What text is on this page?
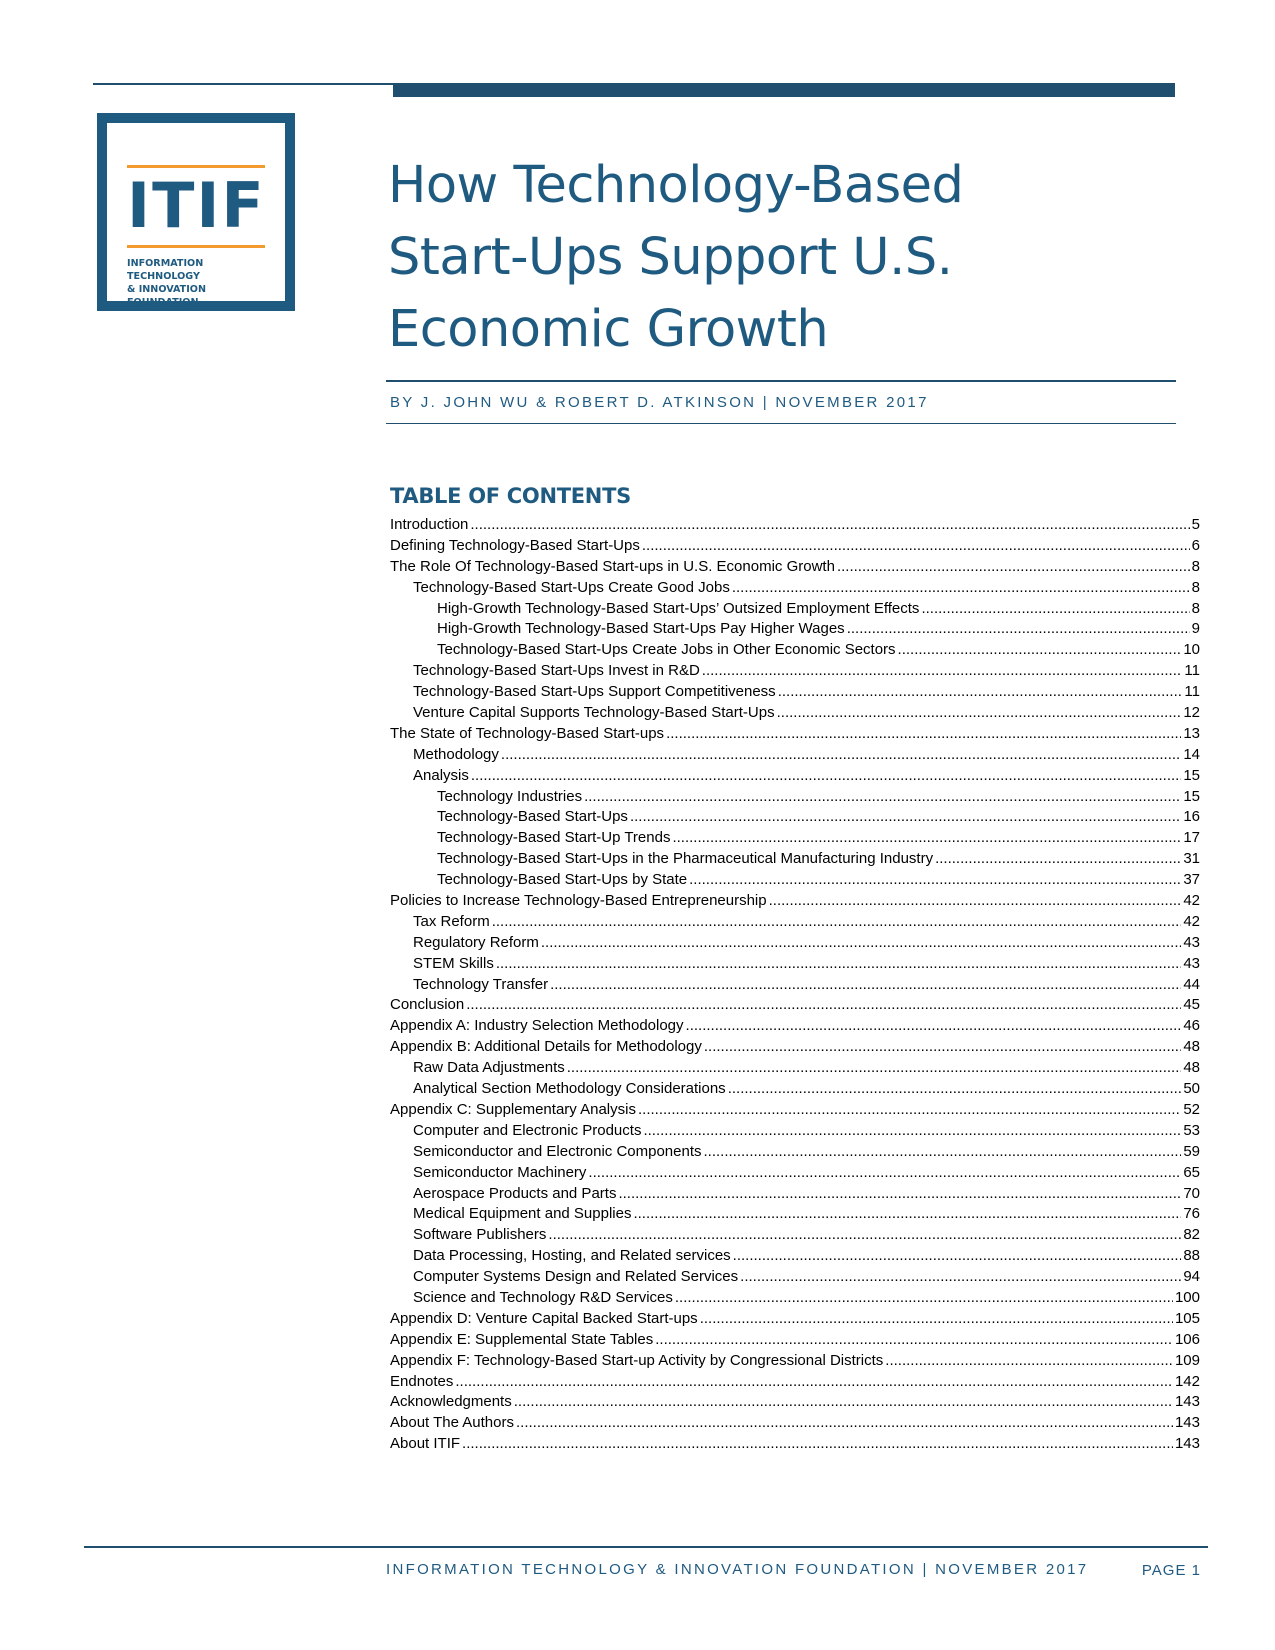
ITIF
INFORMATION TECHNOLOGY
& INNOVATION FOUNDATION
How Technology-Based
Start-Ups Support U.S.
Economic Growth
BY J. JOHN WU & ROBERT D. ATKINSON | NOVEMBER 2017
TABLE OF CONTENTS
Introduction .....	5
Defining Technology-Based Start-Ups .....	6
The Role Of Technology-Based Start-ups in U.S. Economic Growth .....	8
Technology-Based Start-Ups Create Good Jobs .....	8
High-Growth Technology-Based Start-Ups’ Outsized Employment Effects .....	8
High-Growth Technology-Based Start-Ups Pay Higher Wages .....	9
Technology-Based Start-Ups Create Jobs in Other Economic Sectors .....	10
Technology-Based Start-Ups Invest in R&D .....	11
Technology-Based Start-Ups Support Competitiveness .....	11
Venture Capital Supports Technology-Based Start-Ups .....	12
The State of Technology-Based Start-ups .....	13
Methodology .....	14
Analysis .....	15
Technology Industries .....	15
Technology-Based Start-Ups .....	16
Technology-Based Start-Up Trends .....	17
Technology-Based Start-Ups in the Pharmaceutical Manufacturing Industry .....	31
Technology-Based Start-Ups by State .....	37
Policies to Increase Technology-Based Entrepreneurship .....	42
Tax Reform .....	42
Regulatory Reform .....	43
STEM Skills .....	43
Technology Transfer .....	44
Conclusion .....	45
Appendix A: Industry Selection Methodology .....	46
Appendix B: Additional Details for Methodology .....	48
Raw Data Adjustments .....	48
Analytical Section Methodology Considerations .....	50
Appendix C: Supplementary Analysis .....	52
Computer and Electronic Products .....	53
Semiconductor and Electronic Components .....	59
Semiconductor Machinery .....	65
Aerospace Products and Parts .....	70
Medical Equipment and Supplies .....	76
Software Publishers .....	82
Data Processing, Hosting, and Related services .....	88
Computer Systems Design and Related Services .....	94
Science and Technology R&D Services .....	100
Appendix D: Venture Capital Backed Start-ups .....	105
Appendix E: Supplemental State Tables .....	106
Appendix F: Technology-Based Start-up Activity by Congressional Districts .....	109
Endnotes .....	142
Acknowledgments .....	143
About The Authors .....	143
About ITIF .....	143
INFORMATION TECHNOLOGY & INNOVATION FOUNDATION | NOVEMBER 2017	PAGE 1
